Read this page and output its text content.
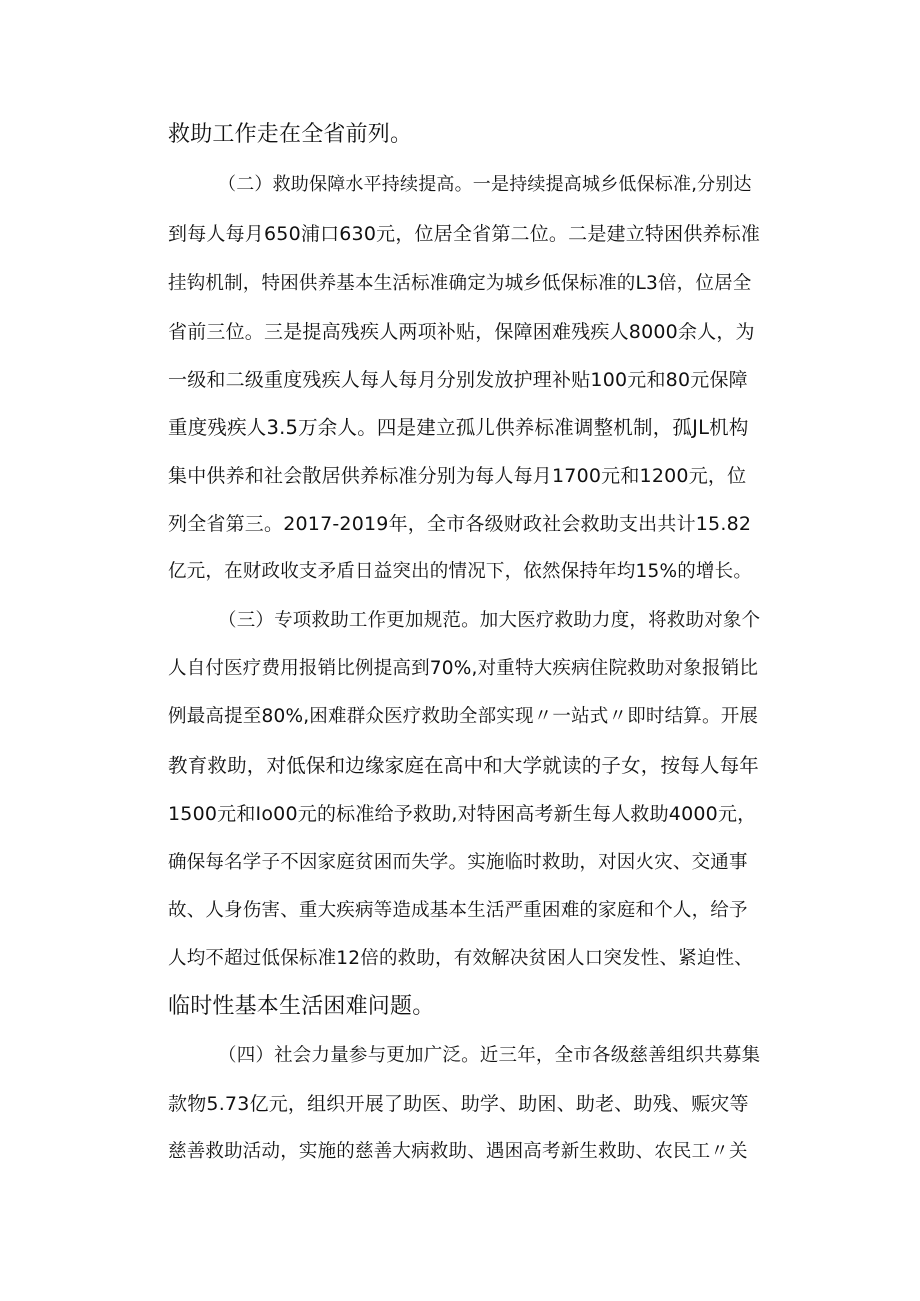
救助工作走在全省前列。
（二）救助保障水平持续提高。一是持续提高城乡低保标准,分别达
到每人每月650浦口630元，位居全省第二位。二是建立特困供养标准
挂钩机制，特困供养基本生活标准确定为城乡低保标准的L3倍，位居全
省前三位。三是提高残疾人两项补贴，保障困难残疾人8000余人，为
一级和二级重度残疾人每人每月分别发放护理补贴100元和80元保障
重度残疾人3.5万余人。四是建立孤儿供养标准调整机制，孤JL机构
集中供养和社会散居供养标准分别为每人每月1700元和1200元，位
列全省第三。2017-2019年，全市各级财政社会救助支出共计15.82
亿元，在财政收支矛盾日益突出的情况下，依然保持年均15%的增长。
（三）专项救助工作更加规范。加大医疗救助力度，将救助对象个
人自付医疗费用报销比例提高到70%,对重特大疾病住院救助对象报销比
例最高提至80%,困难群众医疗救助全部实现〃一站式〃即时结算。开展
教育救助，对低保和边缘家庭在高中和大学就读的子女，按每人每年
1500元和Io00元的标准给予救助,对特困高考新生每人救助4000元，
确保每名学子不因家庭贫困而失学。实施临时救助，对因火灾、交通事
故、人身伤害、重大疾病等造成基本生活严重困难的家庭和个人，给予
人均不超过低保标准12倍的救助，有效解决贫困人口突发性、紧迫性、
临时性基本生活困难问题。
（四）社会力量参与更加广泛。近三年，全市各级慈善组织共募集
款物5.73亿元，组织开展了助医、助学、助困、助老、助残、赈灾等
慈善救助活动，实施的慈善大病救助、遇困高考新生救助、农民工〃关
